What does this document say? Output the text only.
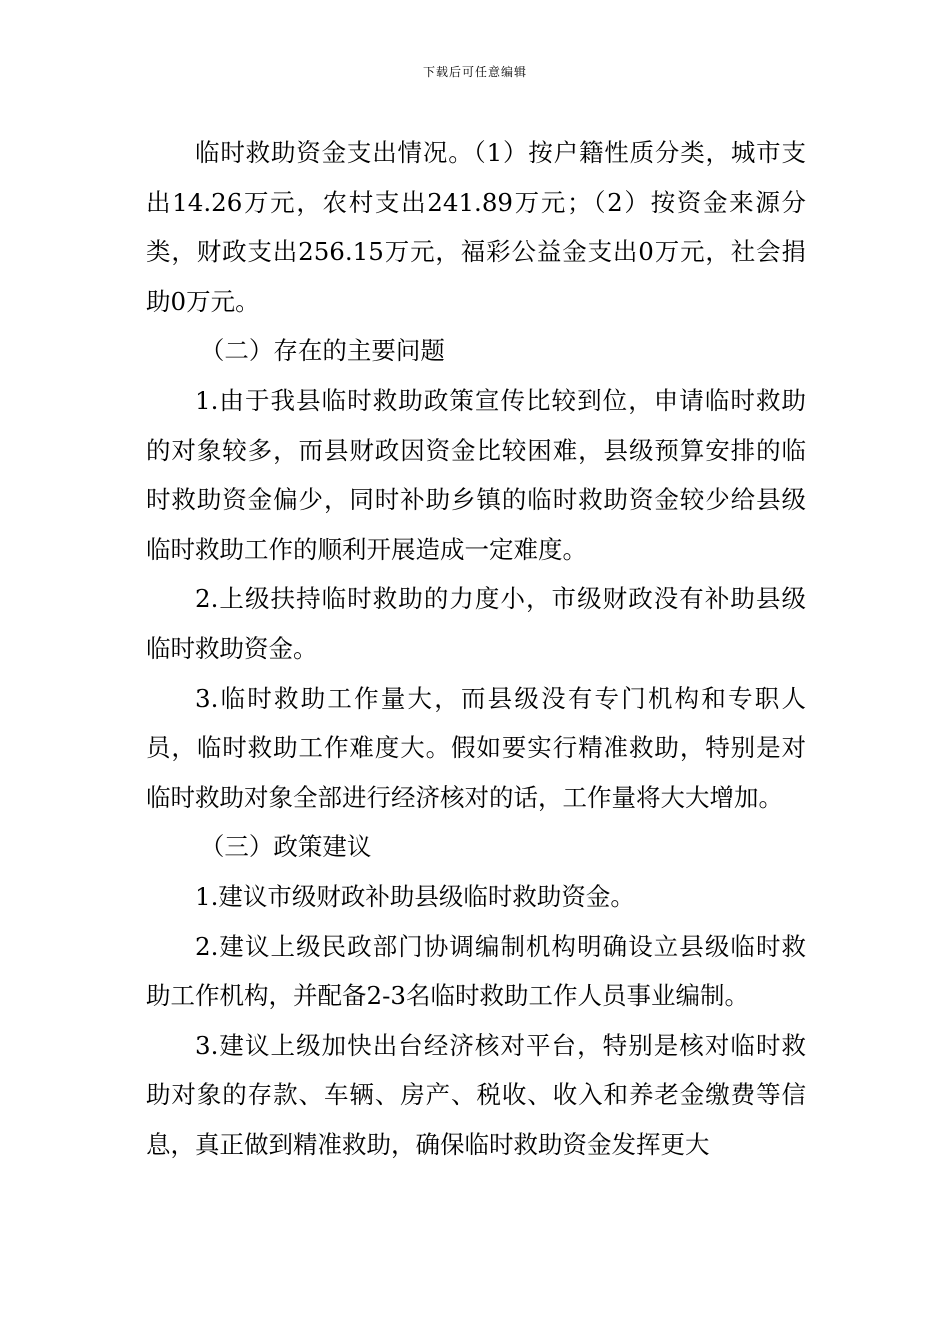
下载后可任意编辑

临时救助资金支出情况。（1）按户籍性质分类，城市支出14.26万元，农村支出241.89万元；（2）按资金来源分类，财政支出256.15万元，福彩公益金支出0万元，社会捐助0万元。

（二）存在的主要问题

1.由于我县临时救助政策宣传比较到位，申请临时救助的对象较多，而县财政因资金比较困难，县级预算安排的临时救助资金偏少，同时补助乡镇的临时救助资金较少给县级临时救助工作的顺利开展造成一定难度。

2.上级扶持临时救助的力度小，市级财政没有补助县级临时救助资金。

3.临时救助工作量大，而县级没有专门机构和专职人员，临时救助工作难度大。假如要实行精准救助，特别是对临时救助对象全部进行经济核对的话，工作量将大大增加。

（三）政策建议

1.建议市级财政补助县级临时救助资金。

2.建议上级民政部门协调编制机构明确设立县级临时救助工作机构，并配备2-3名临时救助工作人员事业编制。

3.建议上级加快出台经济核对平台，特别是核对临时救助对象的存款、车辆、房产、税收、收入和养老金缴费等信息，真正做到精准救助，确保临时救助资金发挥更大
